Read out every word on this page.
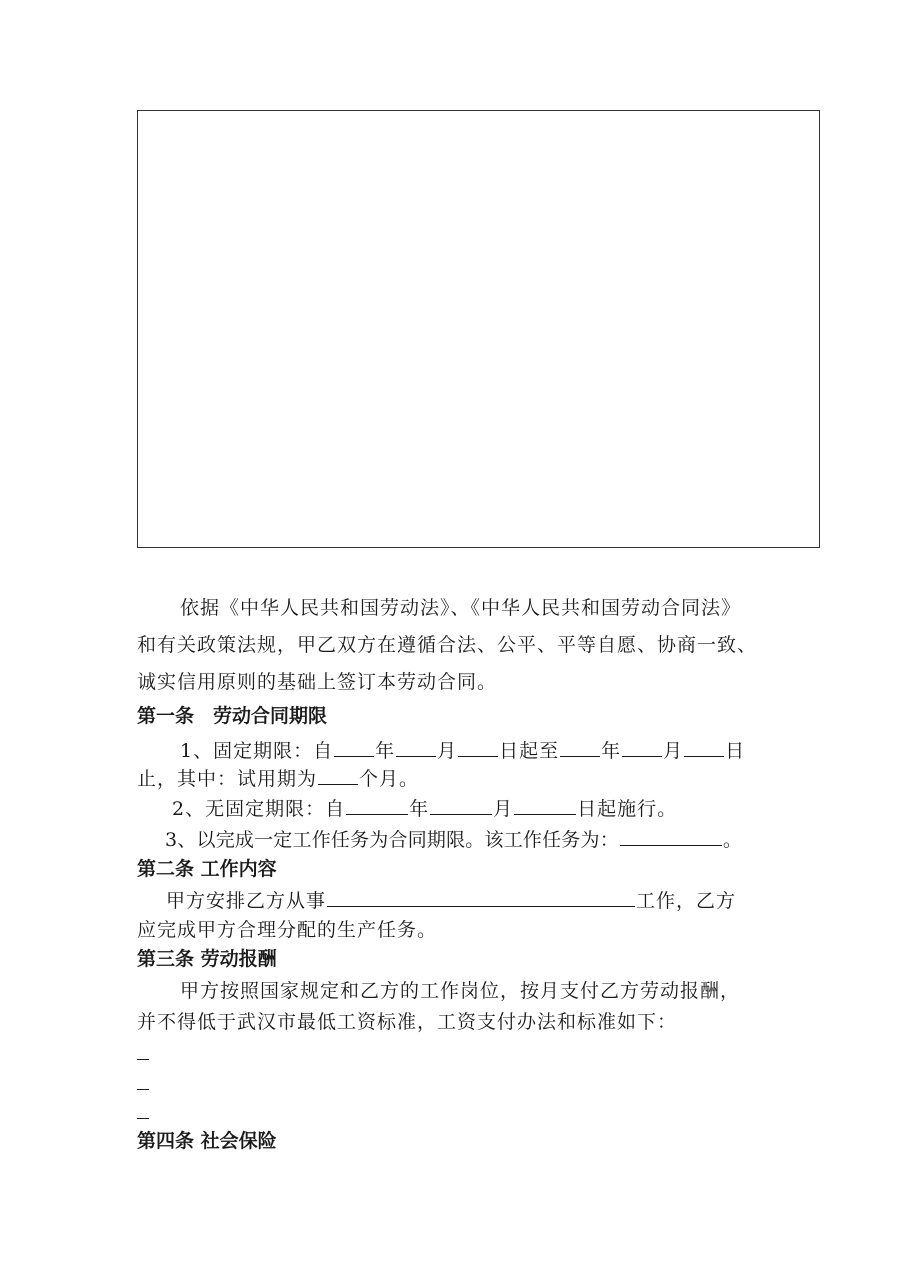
依据《中华人民共和国劳动法》、《中华人民共和国劳动合同法》
和有关政策法规，甲乙双方在遵循合法、公平、平等自愿、协商一致、
诚实信用原则的基础上签订本劳动合同。
第一条　劳动合同期限
1、固定期限：自 年 月 日起至 年 月 日
止，其中：试用期为 个月。
2、无固定期限：自	年	月	日起施行。
3、以完成一定工作任务为合同期限。该工作任务为：	。
第二条 工作内容
甲方安排乙方从事	工作，乙方
应完成甲方合理分配的生产任务。
第三条 劳动报酬
甲方按照国家规定和乙方的工作岗位，按月支付乙方劳动报酬，
并不得低于武汉市最低工资标准，工资支付办法和标准如下：
第四条 社会保险
